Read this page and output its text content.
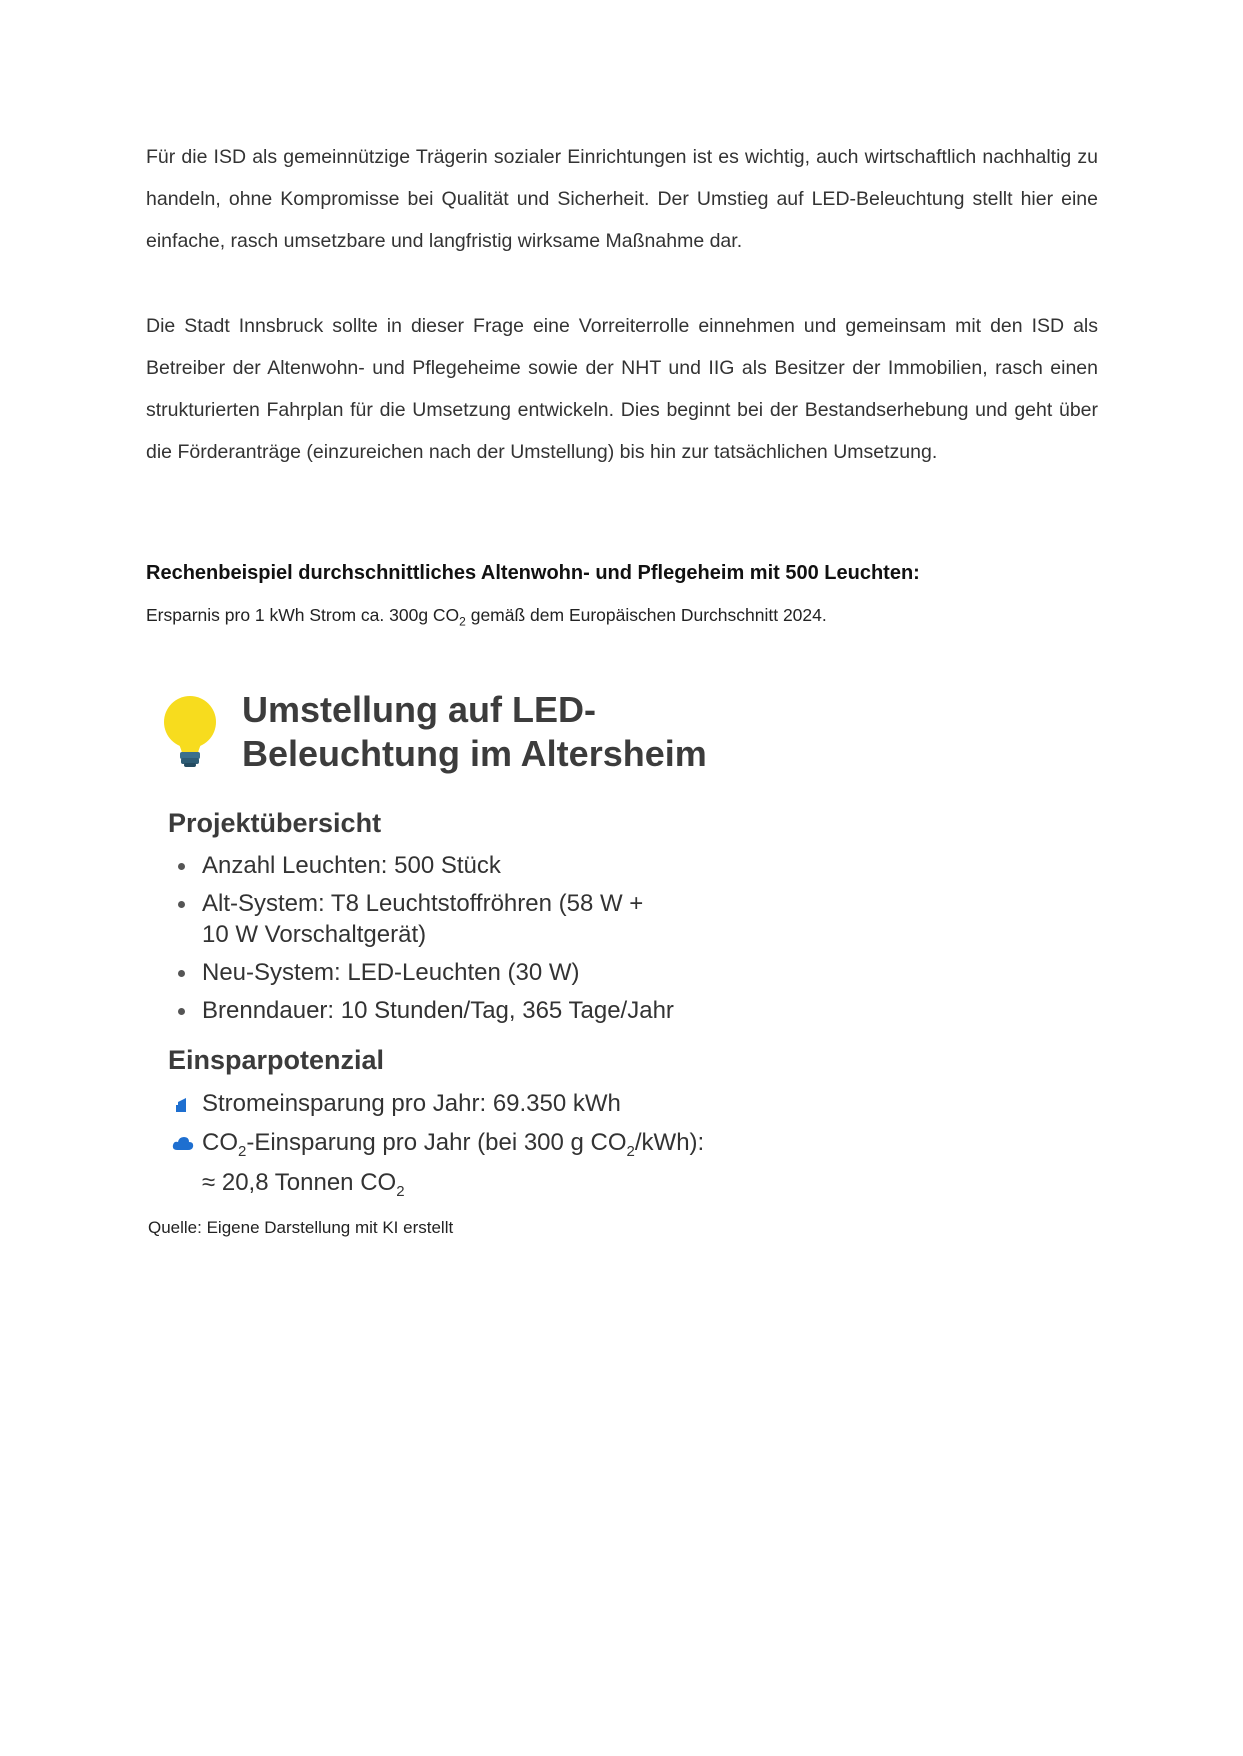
Für die ISD als gemeinnützige Trägerin sozialer Einrichtungen ist es wichtig, auch wirtschaftlich nachhaltig zu handeln, ohne Kompromisse bei Qualität und Sicherheit. Der Umstieg auf LED-Beleuchtung stellt hier eine einfache, rasch umsetzbare und langfristig wirksame Maßnahme dar.

Die Stadt Innsbruck sollte in dieser Frage eine Vorreiterrolle einnehmen und gemeinsam mit den ISD als Betreiber der Altenwohn- und Pflegeheime sowie der NHT und IIG als Besitzer der Immobilien, rasch einen strukturierten Fahrplan für die Umsetzung entwickeln. Dies beginnt bei der Bestandserhebung und geht über die Förderanträge (einzureichen nach der Umstellung) bis hin zur tatsächlichen Umsetzung.

Rechenbeispiel durchschnittliches Altenwohn- und Pflegeheim mit 500 Leuchten:

Ersparnis pro 1 kWh Strom ca. 300g $CO_2$ gemäß dem Europäischen Durchschnitt 2024.

Umstellung auf LED-
Beleuchtung im Altersheim
Projektübersicht
Anzahl Leuchten: 500 Stück
Alt-System: T8 Leuchtstoffröhren (58 W + 10 W Vorschaltgerät)
Neu-System: LED-Leuchten (30 W)
Brenndauer: 10 Stunden/Tag, 365 Tage/Jahr
Einsparpotenzial
Stromeinsparung pro Jahr: 69.350 kWh
$CO_2$-Einsparung pro Jahr (bei 300 g $CO_2/kWh$):
≈ 20,8 Tonnen $CO_2$

Quelle: Eigene Darstellung mit KI erstellt
